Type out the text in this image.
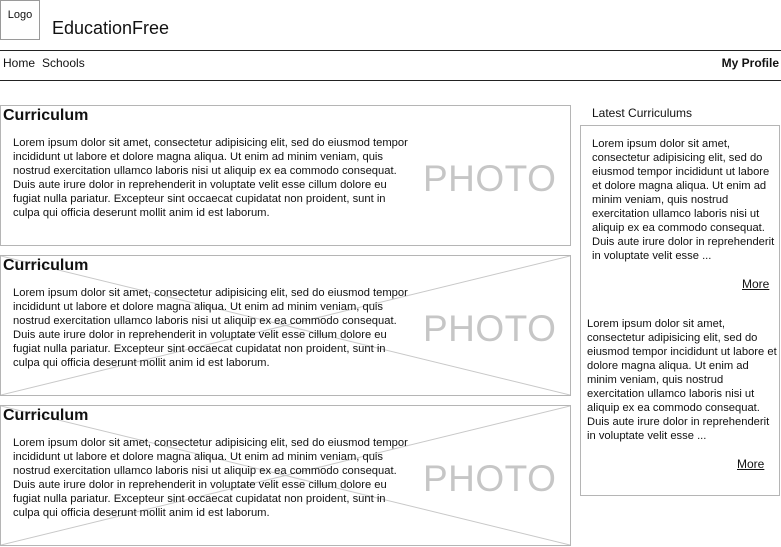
Logo
EducationFree
Home Schools	My Profile
Curriculum
Lorem ipsum dolor sit amet, consectetur adipisicing elit, sed do eiusmod tempor incididunt ut labore et dolore magna aliqua. Ut enim ad minim veniam, quis nostrud exercitation ullamco laboris nisi ut aliquip ex ea commodo consequat. Duis aute irure dolor in reprehenderit in voluptate velit esse cillum dolore eu fugiat nulla pariatur. Excepteur sint occaecat cupidatat non proident, sunt in culpa qui officia deserunt mollit anim id est laborum.
PHOTO
Curriculum
Lorem ipsum dolor sit amet, consectetur adipisicing elit, sed do eiusmod tempor incididunt ut labore et dolore magna aliqua. Ut enim ad minim veniam, quis nostrud exercitation ullamco laboris nisi ut aliquip ex ea commodo consequat. Duis aute irure dolor in reprehenderit in voluptate velit esse cillum dolore eu fugiat nulla pariatur. Excepteur sint occaecat cupidatat non proident, sunt in culpa qui officia deserunt mollit anim id est laborum.
PHOTO
Curriculum
Lorem ipsum dolor sit amet, consectetur adipisicing elit, sed do eiusmod tempor incididunt ut labore et dolore magna aliqua. Ut enim ad minim veniam, quis nostrud exercitation ullamco laboris nisi ut aliquip ex ea commodo consequat. Duis aute irure dolor in reprehenderit in voluptate velit esse cillum dolore eu fugiat nulla pariatur. Excepteur sint occaecat cupidatat non proident, sunt in culpa qui officia deserunt mollit anim id est laborum.
PHOTO
Latest Curriculums
Lorem ipsum dolor sit amet, consectetur adipisicing elit, sed do eiusmod tempor incididunt ut labore et dolore magna aliqua. Ut enim ad minim veniam, quis nostrud exercitation ullamco laboris nisi ut aliquip ex ea commodo consequat. Duis aute irure dolor in reprehenderit in voluptate velit esse ...
More
Lorem ipsum dolor sit amet, consectetur adipisicing elit, sed do eiusmod tempor incididunt ut labore et dolore magna aliqua. Ut enim ad minim veniam, quis nostrud exercitation ullamco laboris nisi ut aliquip ex ea commodo consequat. Duis aute irure dolor in reprehenderit in voluptate velit esse ...
More
